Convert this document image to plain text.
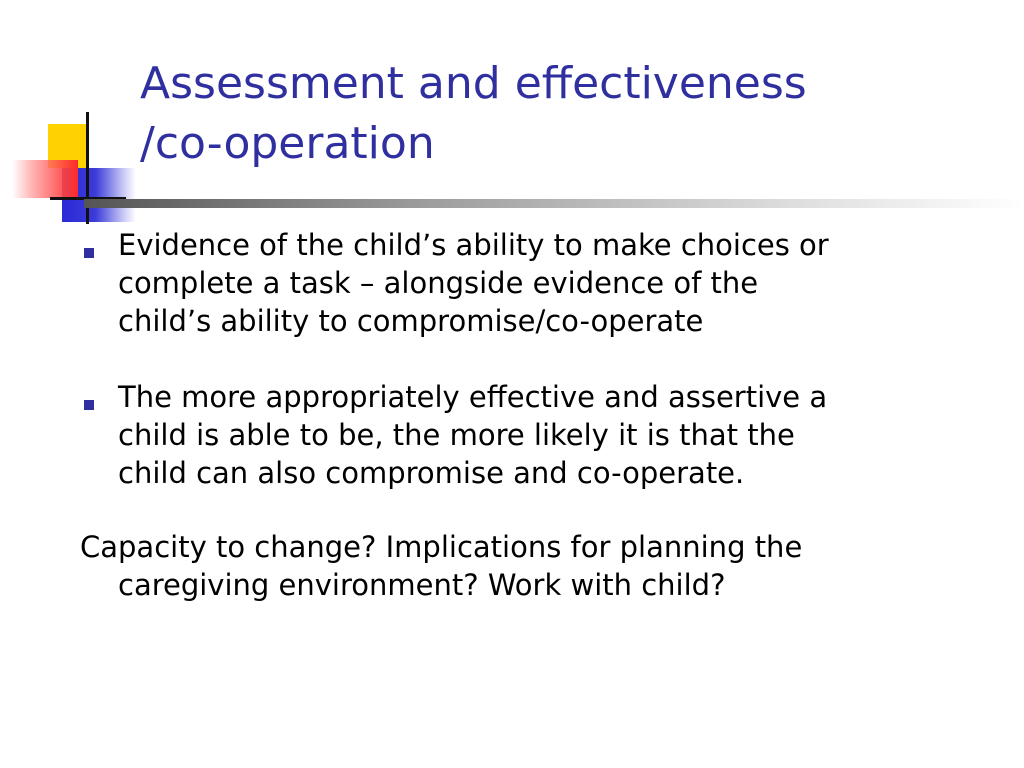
Assessment and effectiveness
/co-operation
Evidence of the child’s ability to make choices or
complete a task – alongside evidence of the
child’s ability to compromise/co-operate
The more appropriately effective and assertive a
child is able to be, the more likely it is that the
child can also compromise and co-operate.
Capacity to change? Implications for planning the
caregiving environment? Work with child?
